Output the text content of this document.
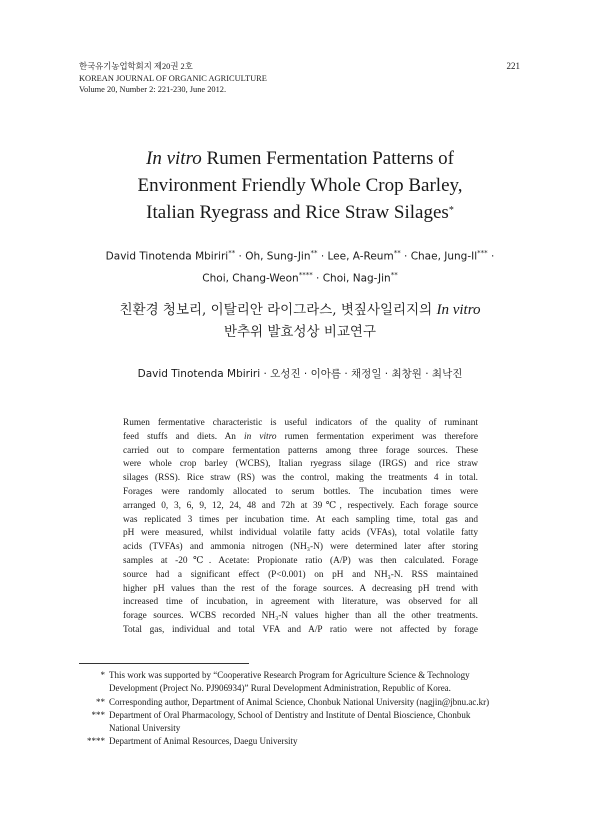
한국유기농업학회지 제20권 2호
KOREAN JOURNAL OF ORGANIC AGRICULTURE
Volume 20, Number 2: 221-230, June 2012.
221
In vitro Rumen Fermentation Patterns of
Environment Friendly Whole Crop Barley,
Italian Ryegrass and Rice Straw Silages*
David Tinotenda Mbiriri** · Oh, Sung-Jin** · Lee, A-Reum** · Chae, Jung-Il*** ·
Choi, Chang-Weon**** · Choi, Nag-Jin**
친환경 청보리, 이탈리안 라이그라스, 볏짚사일리지의 In vitro
반추위 발효성상 비교연구
David Tinotenda Mbiriri · 오성진 · 이아름 · 채정일 · 최창원 · 최낙진
Rumen fermentative characteristic is useful indicators of the quality of ruminant
feed stuffs and diets. An in vitro rumen fermentation experiment was therefore
carried out to compare fermentation patterns among three forage sources. These
were whole crop barley (WCBS), Italian ryegrass silage (IRGS) and rice straw
silages (RSS). Rice straw (RS) was the control, making the treatments 4 in total.
Forages were randomly allocated to serum bottles. The incubation times were
arranged 0, 3, 6, 9, 12, 24, 48 and 72h at 39℃, respectively. Each forage source
was replicated 3 times per incubation time. At each sampling time, total gas and
pH were measured, whilst individual volatile fatty acids (VFAs), total volatile fatty
acids (TVFAs) and ammonia nitrogen (NH₃-N) were determined later after storing
samples at -20℃. Acetate: Propionate ratio (A/P) was then calculated. Forage
source had a significant effect (P<0.001) on pH and NH₃-N. RSS maintained
higher pH values than the rest of the forage sources. A decreasing pH trend with
increased time of incubation, in agreement with literature, was observed for all
forage sources. WCBS recorded NH₃-N values higher than all the other treatments.
Total gas, individual and total VFA and A/P ratio were not affected by forage
* This work was supported by “Cooperative Research Program for Agriculture Science & Technology
Development (Project No. PJ906934)” Rural Development Administration, Republic of Korea.
** Corresponding author, Department of Animal Science, Chonbuk National University (nagjin@jbnu.ac.kr)
*** Department of Oral Pharmacology, School of Dentistry and Institute of Dental Bioscience, Chonbuk
National University
**** Department of Animal Resources, Daegu University
